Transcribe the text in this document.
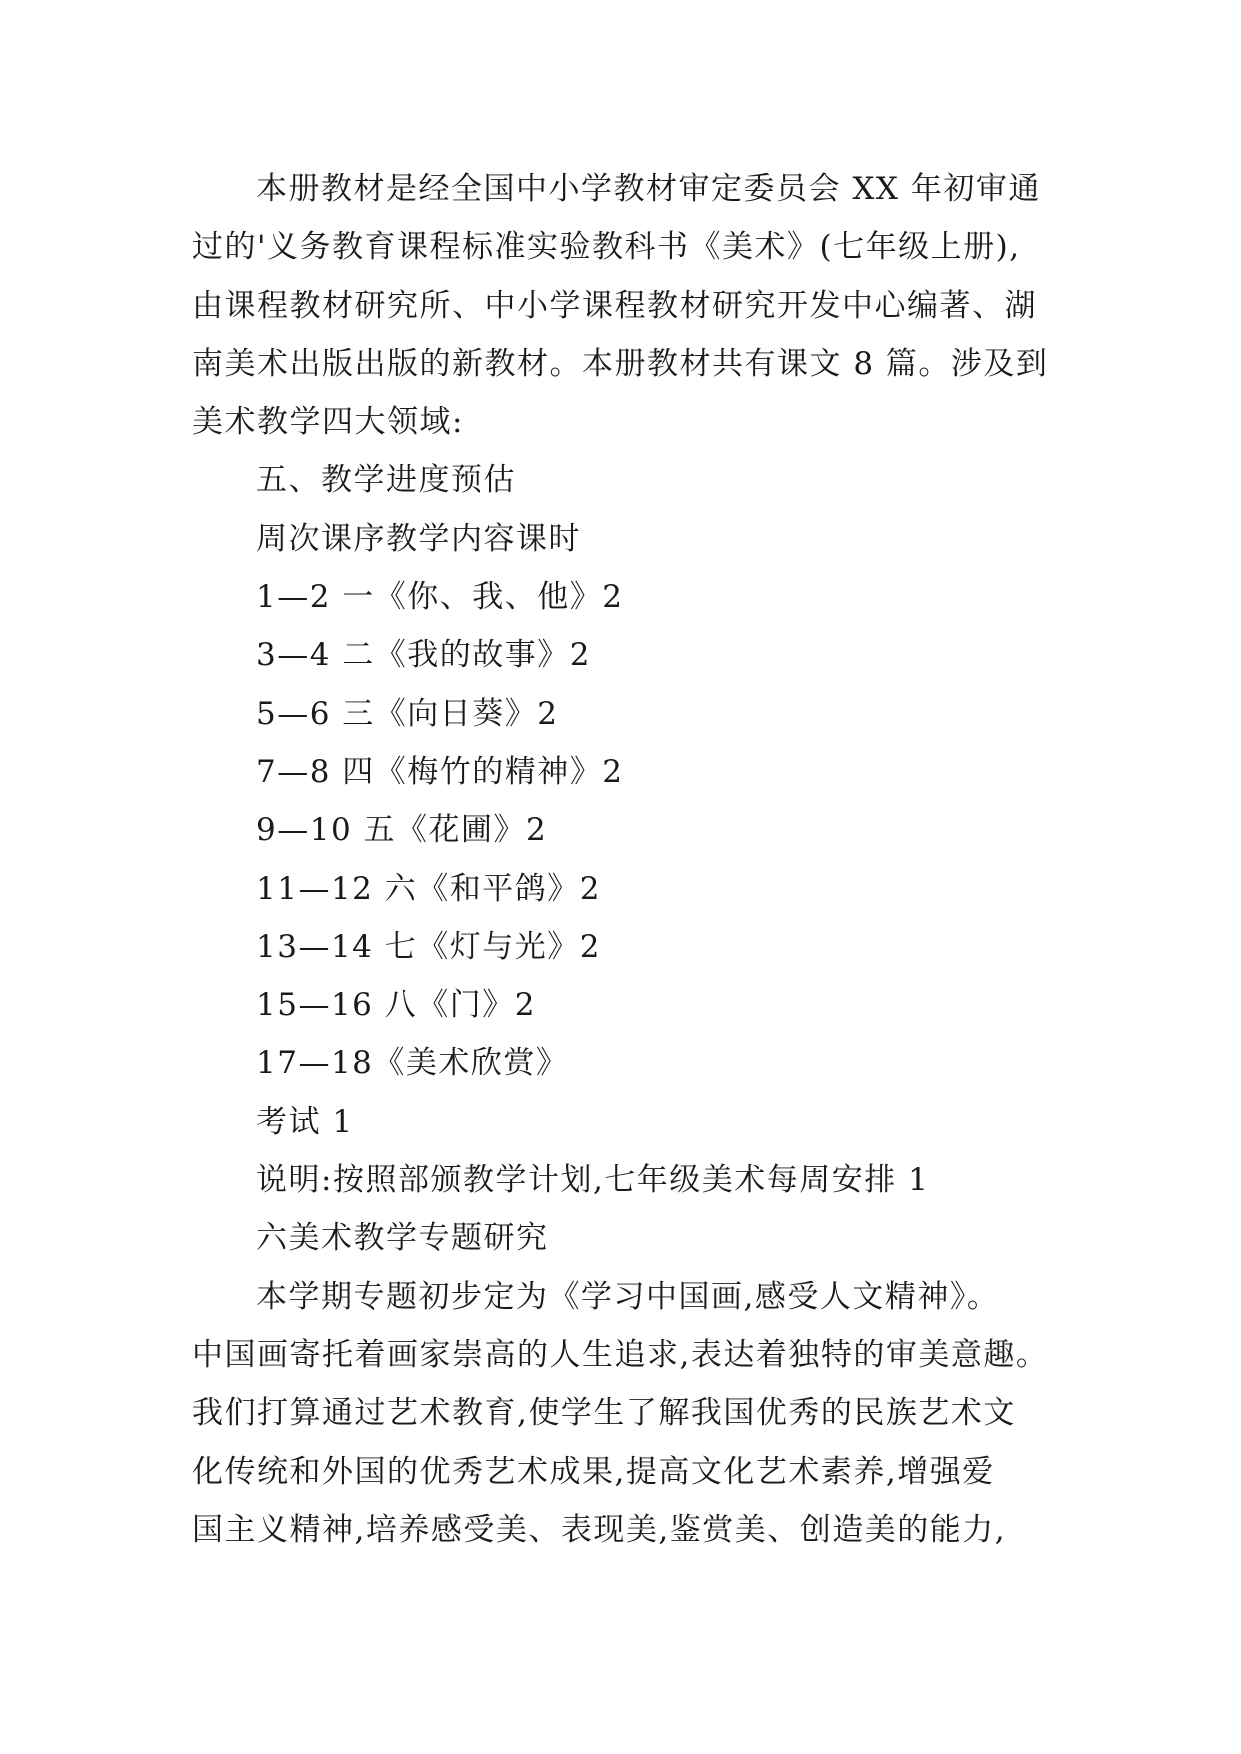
本册教材是经全国中小学教材审定委员会 XX 年初审通
过的'义务教育课程标准实验教科书《美术》(七年级上册),
由课程教材研究所、中小学课程教材研究开发中心编著、湖
南美术出版出版的新教材。本册教材共有课文 8 篇。涉及到
美术教学四大领域:
五、教学进度预估
周次课序教学内容课时
1—2 一《你、我、他》2
3—4 二《我的故事》2
5—6 三《向日葵》2
7—8 四《梅竹的精神》2
9—10 五《花圃》2
11—12 六《和平鸽》2
13—14 七《灯与光》2
15—16 八《门》2
17—18《美术欣赏》
考试 1
说明:按照部颁教学计划,七年级美术每周安排 1
六美术教学专题研究
本学期专题初步定为《学习中国画,感受人文精神》。
中国画寄托着画家崇高的人生追求,表达着独特的审美意趣。
我们打算通过艺术教育,使学生了解我国优秀的民族艺术文
化传统和外国的优秀艺术成果,提高文化艺术素养,增强爱
国主义精神,培养感受美、表现美,鉴赏美、创造美的能力,
